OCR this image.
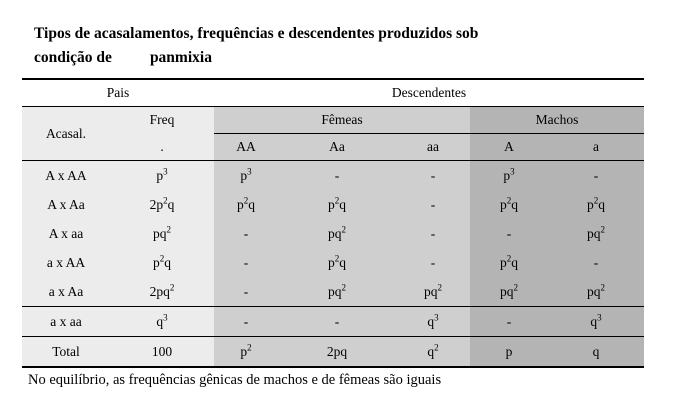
Tipos de acasalamentos, frequências e descendentes produzidos sob
condição de panmixia
Pais		Descendentes				
Acasal.	Freq	Fêmeas			Machos	
	.	AA	Aa	aa	A	a
A x AA	$p^3$	$p^3$	-	-	$p^3$	-
A x Aa	$2p^2q$	$p^2q$	$p^2q$	-	$p^2q$	$p^2q$
A x aa	$pq^2$	-	$pq^2$	-	-	$pq^2$
a x AA	$p^2q$	-	$p^2q$	-	$p^2q$	-
a x Aa	$2pq^2$	-	$pq^2$	$pq^2$	$pq^2$	$pq^2$
a x aa	$q^3$	-	-	$q^3$	-	$q^3$
Total	100	$p^2$	2pq	$q^2$	p	q
No equilíbrio, as frequências gênicas de machos e de fêmeas são iguais
